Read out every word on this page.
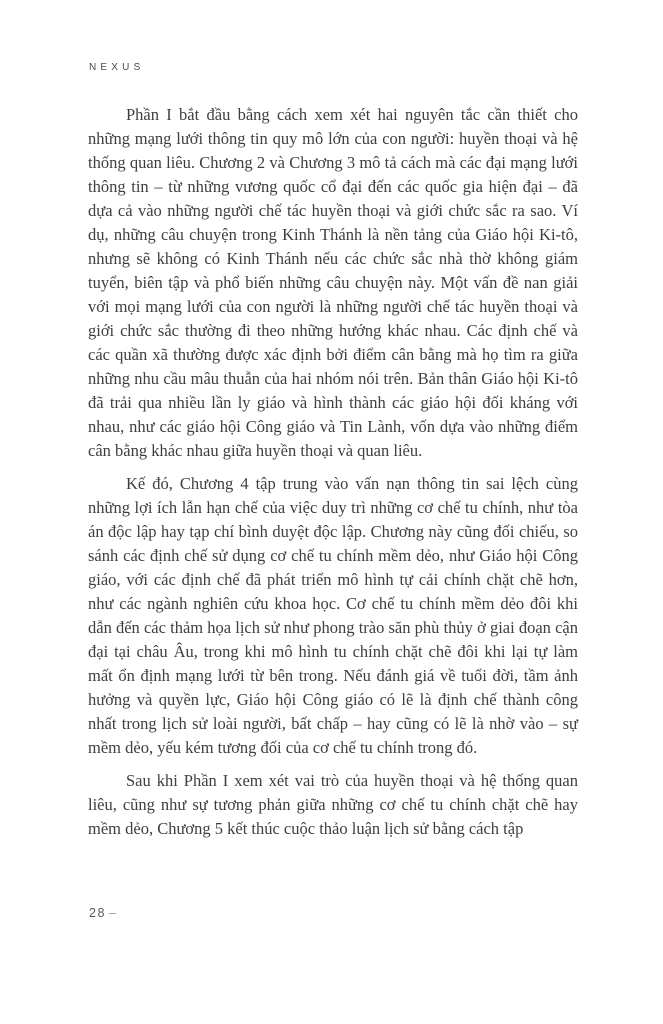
NEXUS

Phần I bắt đầu bằng cách xem xét hai nguyên tắc cần thiết cho những mạng lưới thông tin quy mô lớn của con người: huyền thoại và hệ thống quan liêu. Chương 2 và Chương 3 mô tả cách mà các đại mạng lưới thông tin – từ những vương quốc cổ đại đến các quốc gia hiện đại – đã dựa cả vào những người chế tác huyền thoại và giới chức sắc ra sao. Ví dụ, những câu chuyện trong Kinh Thánh là nền tảng của Giáo hội Ki-tô, nhưng sẽ không có Kinh Thánh nếu các chức sắc nhà thờ không giám tuyển, biên tập và phổ biến những câu chuyện này. Một vấn đề nan giải với mọi mạng lưới của con người là những người chế tác huyền thoại và giới chức sắc thường đi theo những hướng khác nhau. Các định chế và các quần xã thường được xác định bởi điểm cân bằng mà họ tìm ra giữa những nhu cầu mâu thuẫn của hai nhóm nói trên. Bản thân Giáo hội Ki-tô đã trải qua nhiều lần ly giáo và hình thành các giáo hội đối kháng với nhau, như các giáo hội Công giáo và Tin Lành, vốn dựa vào những điểm cân bằng khác nhau giữa huyền thoại và quan liêu.

Kế đó, Chương 4 tập trung vào vấn nạn thông tin sai lệch cùng những lợi ích lẫn hạn chế của việc duy trì những cơ chế tu chính, như tòa án độc lập hay tạp chí bình duyệt độc lập. Chương này cũng đối chiếu, so sánh các định chế sử dụng cơ chế tu chính mềm dẻo, như Giáo hội Công giáo, với các định chế đã phát triển mô hình tự cải chính chặt chẽ hơn, như các ngành nghiên cứu khoa học. Cơ chế tu chính mềm dẻo đôi khi dẫn đến các thảm họa lịch sử như phong trào săn phù thủy ở giai đoạn cận đại tại châu Âu, trong khi mô hình tu chính chặt chẽ đôi khi lại tự làm mất ổn định mạng lưới từ bên trong. Nếu đánh giá về tuổi đời, tầm ảnh hưởng và quyền lực, Giáo hội Công giáo có lẽ là định chế thành công nhất trong lịch sử loài người, bất chấp – hay cũng có lẽ là nhờ vào – sự mềm dẻo, yếu kém tương đối của cơ chế tu chính trong đó.

Sau khi Phần I xem xét vai trò của huyền thoại và hệ thống quan liêu, cũng như sự tương phản giữa những cơ chế tu chính chặt chẽ hay mềm dẻo, Chương 5 kết thúc cuộc thảo luận lịch sử bằng cách tập

28 –
